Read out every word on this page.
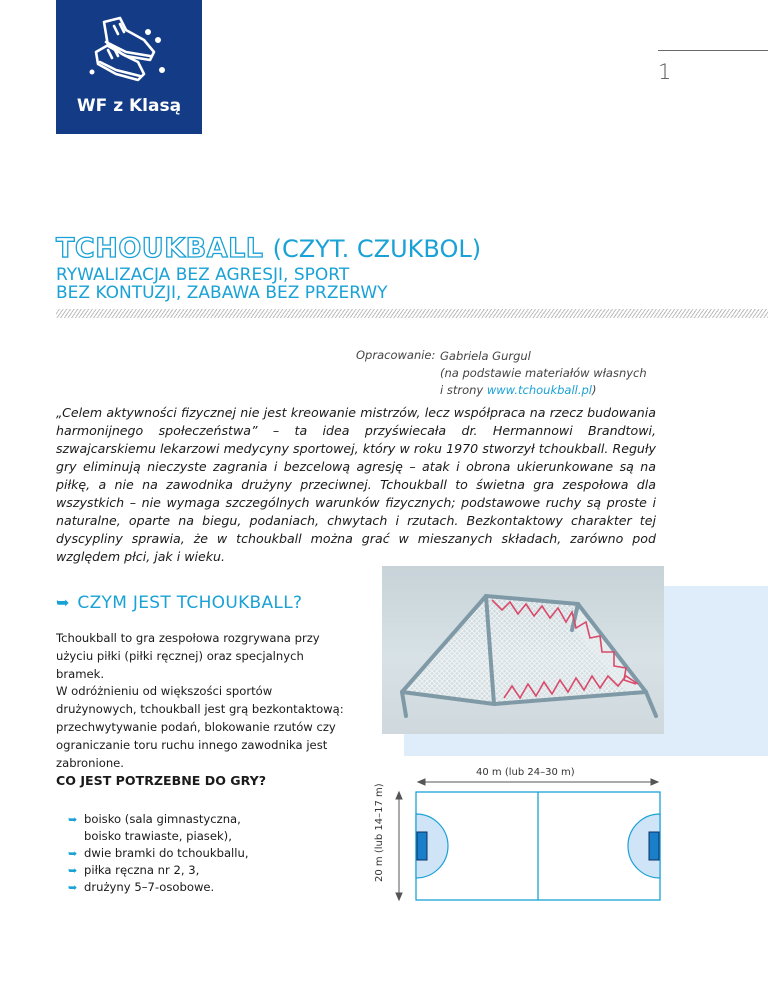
WF z Klasą
1
TCHOUKBALL (CZYT. CZUKBOL)
RYWALIZACJA BEZ AGRESJI, SPORT
BEZ KONTUZJI, ZABAWA BEZ PRZERWY
Opracowanie: Gabriela Gurgul
(na podstawie materiałów własnych
i strony www.tchoukball.pl)
„Celem aktywności fizycznej nie jest kreowanie mistrzów, lecz współpraca na rzecz budowania harmonijnego społeczeństwa” – ta idea przyświecała dr. Hermannowi Brandtowi, szwajcarskiemu lekarzowi medycyny sportowej, który w roku 1970 stworzył tchoukball. Reguły gry eliminują nieczyste zagrania i bezcelową agresję – atak i obrona ukierunkowane są na piłkę, a nie na zawodnika drużyny przeciwnej. Tchoukball to świetna gra zespołowa dla wszystkich – nie wymaga szczególnych warunków fizycznych; podstawowe ruchy są proste i naturalne, oparte na biegu, podaniach, chwytach i rzutach. Bezkontaktowy charakter tej dyscypliny sprawia, że w tchoukball można grać w mieszanych składach, zarówno pod względem płci, jak i wieku.
➥ CZYM JEST TCHOUKBALL?
Tchoukball to gra zespołowa rozgrywana przy użyciu piłki (piłki ręcznej) oraz specjalnych bramek.
W odróżnieniu od większości sportów drużynowych, tchoukball jest grą bezkontaktową: przechwytywanie podań, blokowanie rzutów czy ograniczanie toru ruchu innego zawodnika jest zabronione.
CO JEST POTRZEBNE DO GRY?
➥ boisko (sala gimnastyczna,
boisko trawiaste, piasek),
➥ dwie bramki do tchoukballu,
➥ piłka ręczna nr 2, 3,
➥ drużyny 5–7-osobowe.
40 m (lub 24–30 m)
20 m (lub 14–17 m)
